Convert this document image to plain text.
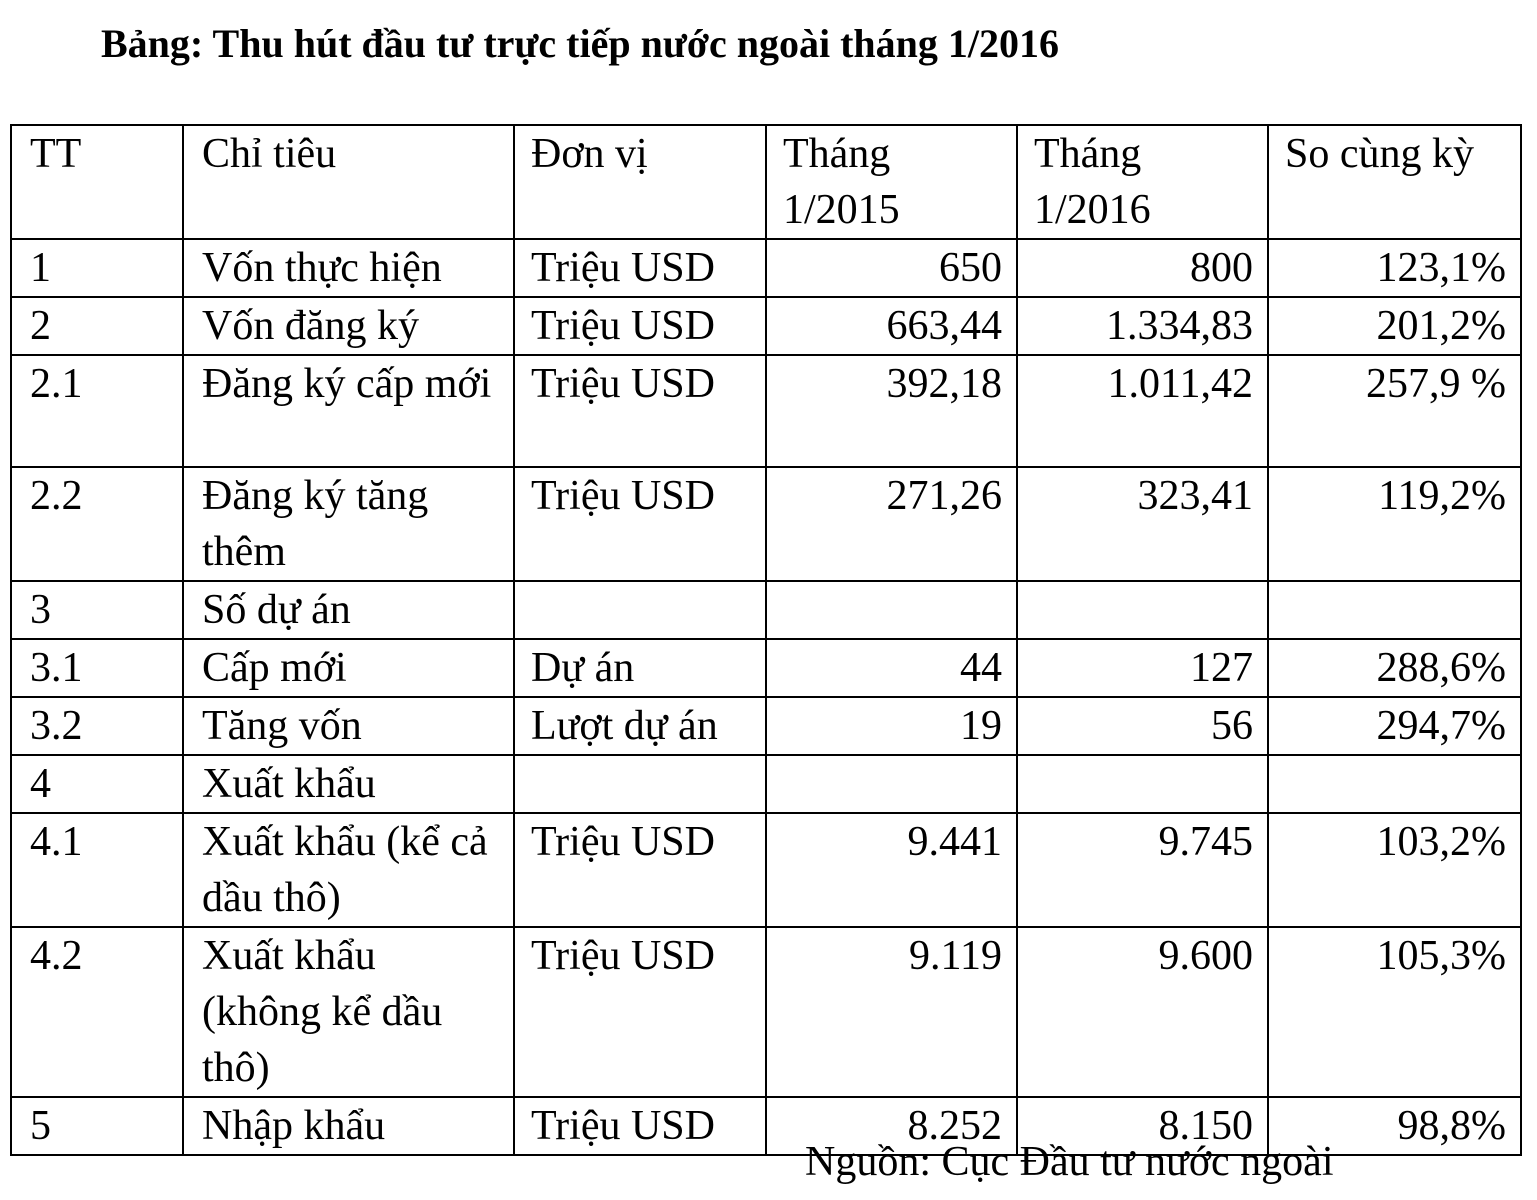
Bảng: Thu hút đầu tư trực tiếp nước ngoài tháng 1/2016
TT	Chỉ tiêu	Đơn vị	Tháng 1/2015	Tháng 1/2016	So cùng kỳ
1	Vốn thực hiện	Triệu USD	650	800	123,1%
2	Vốn đăng ký	Triệu USD	663,44	1.334,83	201,2%
2.1	Đăng ký cấp mới	Triệu USD	392,18	1.011,42	257,9 %
2.2	Đăng ký tăng thêm	Triệu USD	271,26	323,41	119,2%
3	Số dự án				
3.1	Cấp mới	Dự án	44	127	288,6%
3.2	Tăng vốn	Lượt dự án	19	56	294,7%
4	Xuất khẩu				
4.1	Xuất khẩu (kể cả dầu thô)	Triệu USD	9.441	9.745	103,2%
4.2	Xuất khẩu (không kể dầu thô)	Triệu USD	9.119	9.600	105,3%
5	Nhập khẩu	Triệu USD	8.252	8.150	98,8%
Nguồn: Cục Đầu tư nước ngoài
